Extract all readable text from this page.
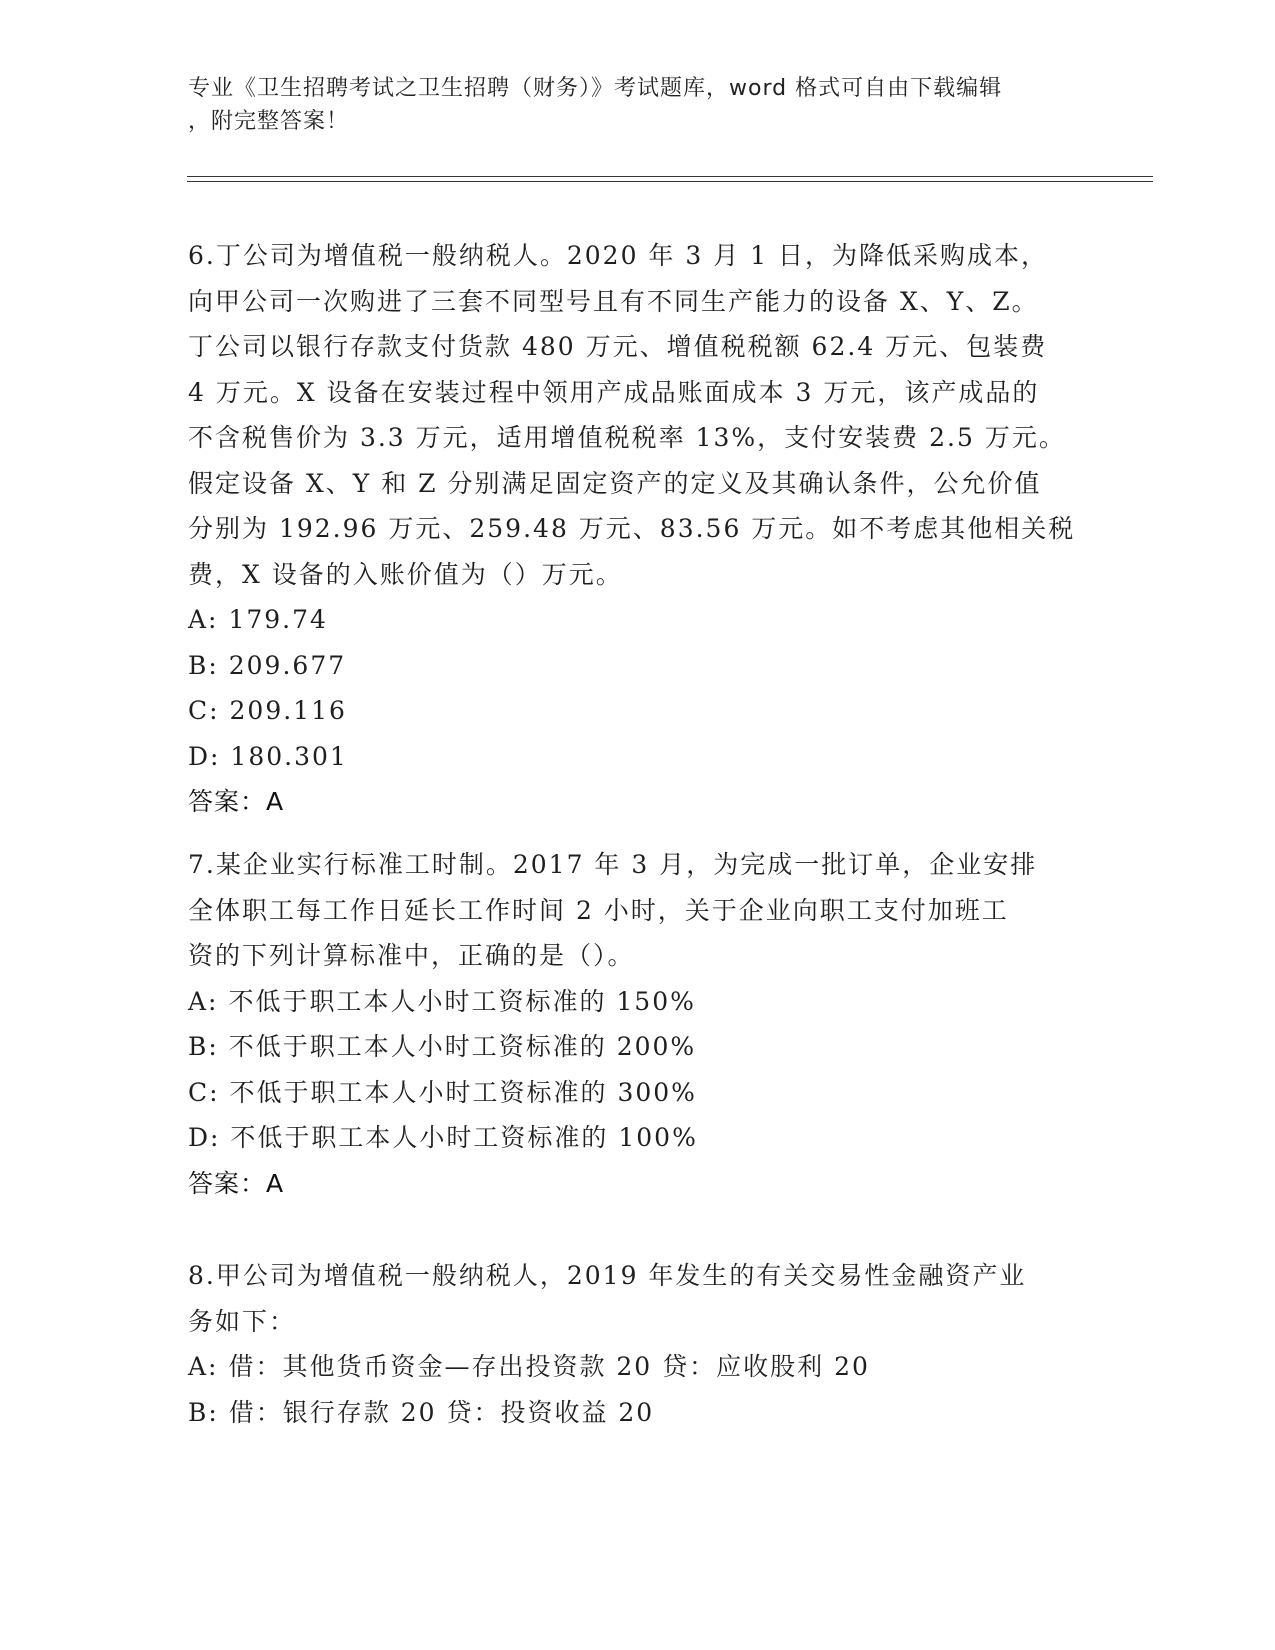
专业《卫生招聘考试之卫生招聘（财务）》考试题库，word 格式可自由下载编辑
，附完整答案！
6.丁公司为增值税一般纳税人。2020 年 3 月 1 日，为降低采购成本，
向甲公司一次购进了三套不同型号且有不同生产能力的设备 X、Y、Z。
丁公司以银行存款支付货款 480 万元、增值税税额 62.4 万元、包装费
4 万元。X 设备在安装过程中领用产成品账面成本 3 万元，该产成品的
不含税售价为 3.3 万元，适用增值税税率 13%，支付安装费 2.5 万元。
假定设备 X、Y 和 Z 分别满足固定资产的定义及其确认条件，公允价值
分别为 192.96 万元、259.48 万元、83.56 万元。如不考虑其他相关税
费，X 设备的入账价值为（）万元。
A: 179.74
B: 209.677
C: 209.116
D: 180.301
答案：A
7.某企业实行标准工时制。2017 年 3 月，为完成一批订单，企业安排
全体职工每工作日延长工作时间 2 小时，关于企业向职工支付加班工
资的下列计算标准中，正确的是（）。
A: 不低于职工本人小时工资标准的 150%
B: 不低于职工本人小时工资标准的 200%
C: 不低于职工本人小时工资标准的 300%
D: 不低于职工本人小时工资标准的 100%
答案：A
8.甲公司为增值税一般纳税人，2019 年发生的有关交易性金融资产业
务如下：
A: 借：其他货币资金—存出投资款 20 贷：应收股利 20
B: 借：银行存款 20 贷：投资收益 20
